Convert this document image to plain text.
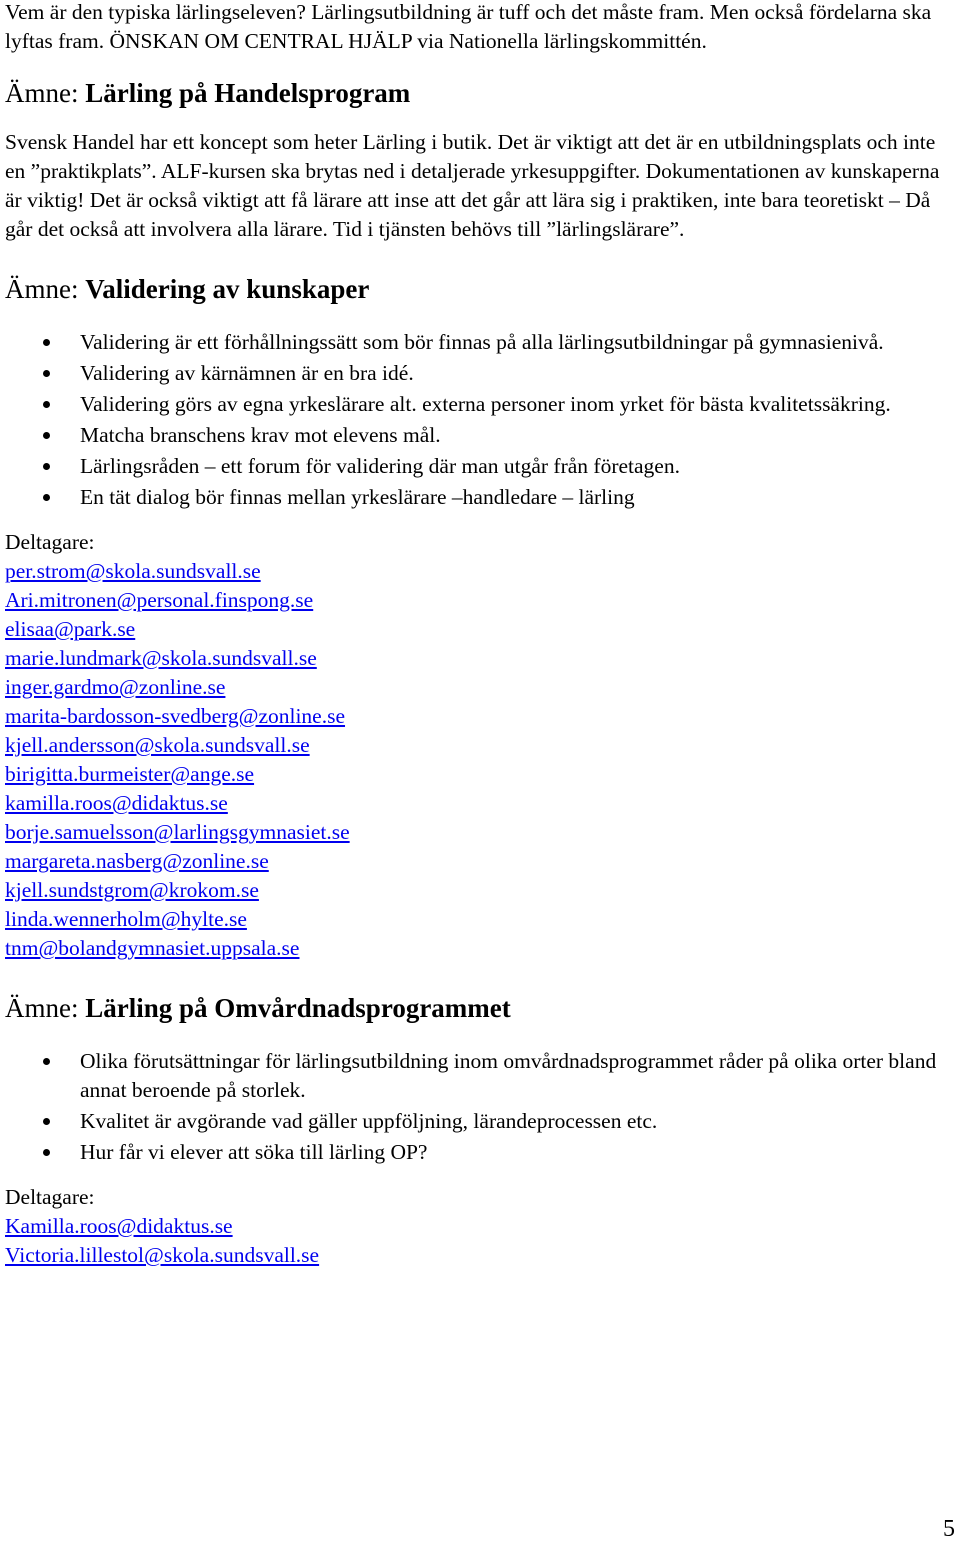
Vem är den typiska lärlingseleven? Lärlingsutbildning är tuff och det måste fram. Men också fördelarna ska lyftas fram. ÖNSKAN OM CENTRAL HJÄLP via Nationella lärlingskommittén.

Ämne: Lärling på Handelsprogram

Svensk Handel har ett koncept som heter Lärling i butik. Det är viktigt att det är en utbildningsplats och inte en ”praktikplats”. ALF-kursen ska brytas ned i detaljerade yrkesuppgifter. Dokumentationen av kunskaperna är viktig! Det är också viktigt att få lärare att inse att det går att lära sig i praktiken, inte bara teoretiskt – Då går det också att involvera alla lärare. Tid i tjänsten behövs till ”lärlingslärare”.

Ämne: Validering av kunskaper
Validering är ett förhållningssätt som bör finnas på alla lärlingsutbildningar på gymnasienivå.
Validering av kärnämnen är en bra idé.
Validering görs av egna yrkeslärare alt. externa personer inom yrket för bästa kvalitetssäkring.
Matcha branschens krav mot elevens mål.
Lärlingsråden – ett forum för validering där man utgår från företagen.
En tät dialog bör finnas mellan yrkeslärare –handledare – lärling

Deltagare:

per.strom@skola.sundsvall.se
Ari.mitronen@personal.finspong.se
elisaa@park.se
marie.lundmark@skola.sundsvall.se
inger.gardmo@zonline.se
marita-bardosson-svedberg@zonline.se
kjell.andersson@skola.sundsvall.se
birigitta.burmeister@ange.se
kamilla.roos@didaktus.se
borje.samuelsson@larlingsgymnasiet.se
margareta.nasberg@zonline.se
kjell.sundstgrom@krokom.se
linda.wennerholm@hylte.se
tnm@bolandgymnasiet.uppsala.se
Ämne: Lärling på Omvårdnadsprogrammet
Olika förutsättningar för lärlingsutbildning inom omvårdnadsprogrammet råder på olika orter bland annat beroende på storlek.
Kvalitet är avgörande vad gäller uppföljning, lärandeprocessen etc.
Hur får vi elever att söka till lärling OP?

Deltagare:

Kamilla.roos@didaktus.se
Victoria.lillestol@skola.sundsvall.se
5
